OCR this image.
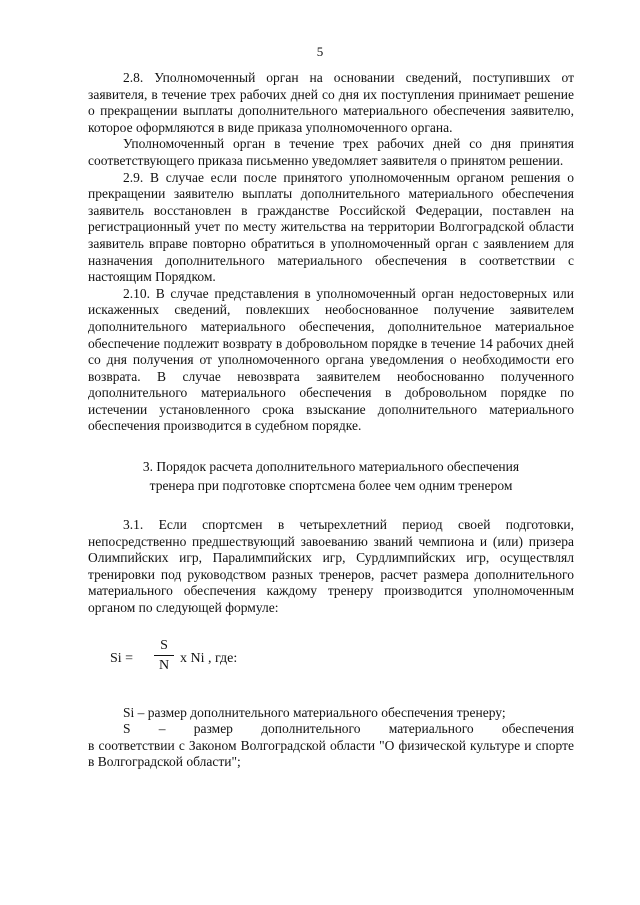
5

2.8. Уполномоченный орган на основании сведений, поступивших от заявителя, в течение трех рабочих дней со дня их поступления принимает решение о прекращении выплаты дополнительного материального обеспечения заявителю, которое оформляются в виде приказа уполномоченного органа.

Уполномоченный орган в течение трех рабочих дней со дня принятия соответствующего приказа письменно уведомляет заявителя о принятом решении.

2.9. В случае если после принятого уполномоченным органом решения о прекращении заявителю выплаты дополнительного материального обеспечения заявитель восстановлен в гражданстве Российской Федерации, поставлен на регистрационный учет по месту жительства на территории Волгоградской области заявитель вправе повторно обратиться в уполномоченный орган с заявлением для назначения дополнительного материального обеспечения в соответствии с настоящим Порядком.

2.10. В случае представления в уполномоченный орган недостоверных или искаженных сведений, повлекших необоснованное получение заявителем дополнительного материального обеспечения, дополнительное материальное обеспечение подлежит возврату в добровольном порядке в течение 14 рабочих дней со дня получения от уполномоченного органа уведомления о необходимости его возврата. В случае невозврата заявителем необоснованно полученного дополнительного материального обеспечения в добровольном порядке по истечении установленного срока взыскание дополнительного материального обеспечения производится в судебном порядке.

3. Порядок расчета дополнительного материального обеспечения
тренера при подготовке спортсмена более чем одним тренером

3.1. Если спортсмен в четырехлетний период своей подготовки, непосредственно предшествующий завоеванию званий чемпиона и (или) призера Олимпийских игр, Паралимпийских игр, Сурдлимпийских игр, осуществлял тренировки под руководством разных тренеров, расчет размера дополнительного материального обеспечения каждому тренеру производится уполномоченным органом по следующей формуле:

Si =
S
N x Ni , где:

Si – размер дополнительного материального обеспечения тренеру;

S – размер дополнительного материального обеспечения

в соответствии с Законом Волгоградской области "О физической культуре и спорте в Волгоградской области";
